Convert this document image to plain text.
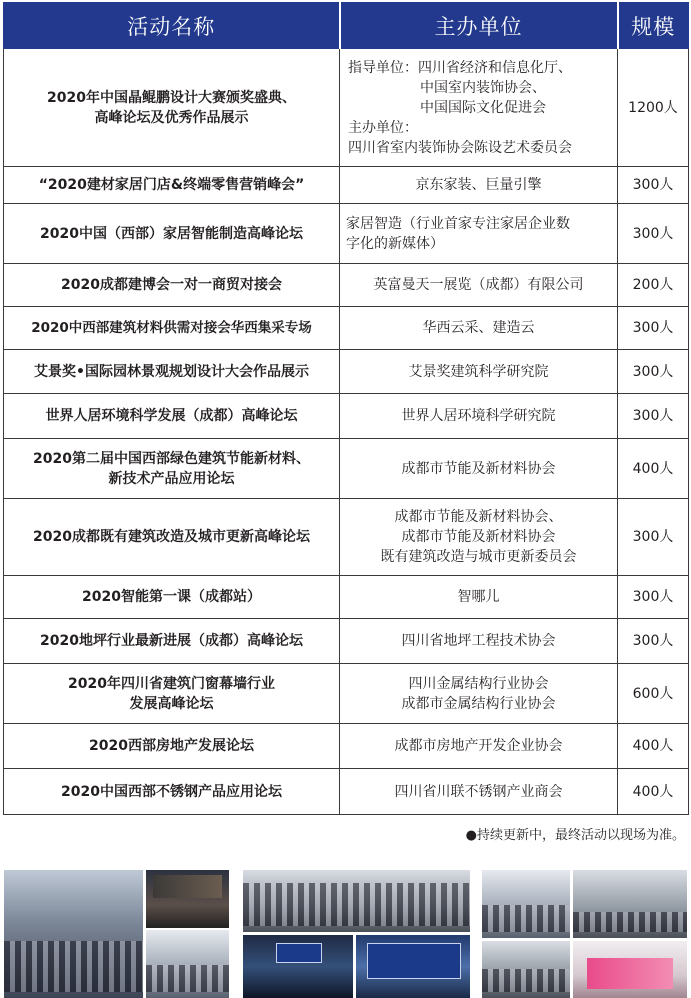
活动名称	主办单位	规模

2020年中国晶鲲鹏设计大赛颁奖盛典、
高峰论坛及优秀作品展示	指导单位：四川省经济和信息化厅、
中国室内装饰协会、
中国国际文化促进会
主办单位：
四川省室内装饰协会陈设艺术委员会	1200人

“2020建材家居门店&终端零售营销峰会”	京东家装、巨量引擎	300人

2020中国（西部）家居智能制造高峰论坛	家居智造（行业首家专注家居企业数
字化的新媒体）	300人

2020成都建博会一对一商贸对接会	英富曼天一展览（成都）有限公司	200人

2020中西部建筑材料供需对接会华西集采专场	华西云采、建造云	300人

艾景奖•国际园林景观规划设计大会作品展示	艾景奖建筑科学研究院	300人

世界人居环境科学发展（成都）高峰论坛	世界人居环境科学研究院	300人

2020第二届中国西部绿色建筑节能新材料、
新技术产品应用论坛	成都市节能及新材料协会	400人

2020成都既有建筑改造及城市更新高峰论坛	成都市节能及新材料协会、
成都市节能及新材料协会
既有建筑改造与城市更新委员会	300人

2020智能第一课（成都站）	智哪儿	300人

2020地坪行业最新进展（成都）高峰论坛	四川省地坪工程技术协会	300人

2020年四川省建筑门窗幕墙行业
发展高峰论坛	四川金属结构行业协会
成都市金属结构行业协会	600人

2020西部房地产发展论坛	成都市房地产开发企业协会	400人

2020中国西部不锈钢产品应用论坛	四川省川联不锈钢产业商会	400人
●持续更新中，最终活动以现场为准。
